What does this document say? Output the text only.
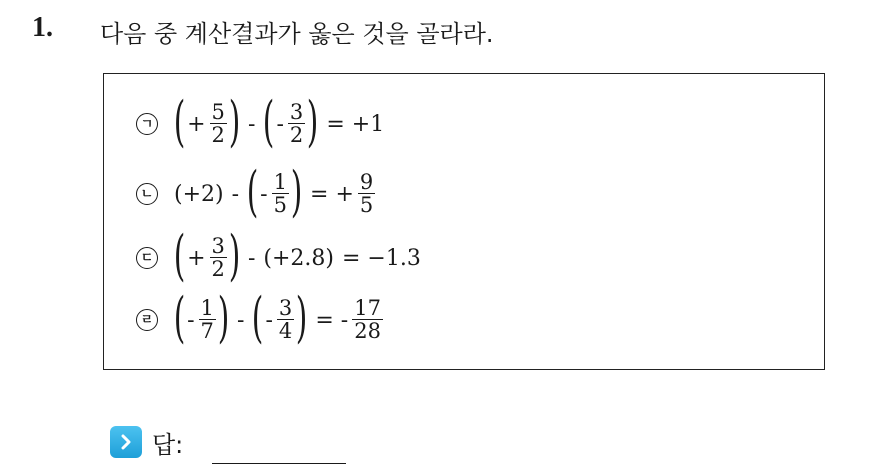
1. 다음 중 계산결과가 옳은 것을 골라라.
ㄱ ( + $\frac{5}{2}$ ) - ( - $\frac{3}{2}$ ) = +1
ㄴ (+2) - ( - $\frac{1}{5}$ ) = + $\frac{9}{5}$
ㄷ ( + $\frac{3}{2}$ ) - (+2.8) = −1.3
ㄹ ( - $\frac{1}{7}$ ) - ( - $\frac{3}{4}$ ) = - $\frac{17}{28}$
답:
